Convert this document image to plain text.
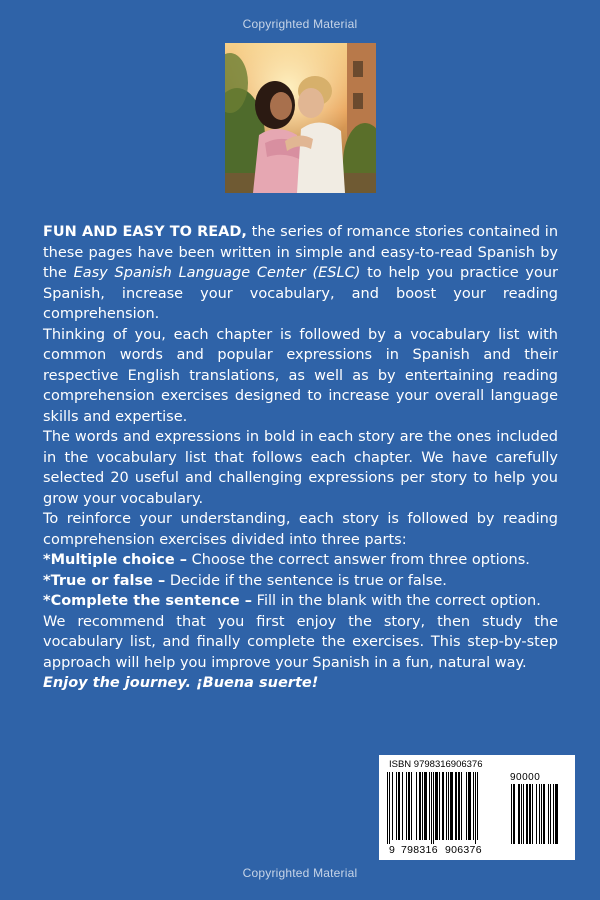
Copyrighted Material

FUN AND EASY TO READ, the series of romance stories contained in these pages have been written in simple and easy-to-read Spanish by the Easy Spanish Language Center (ESLC) to help you practice your Spanish, increase your vocabulary, and boost your reading comprehension.

Thinking of you, each chapter is followed by a vocabulary list with common words and popular expressions in Spanish and their respective English translations, as well as by entertaining reading comprehension exercises designed to increase your overall language skills and expertise.

The words and expressions in bold in each story are the ones included in the vocabulary list that follows each chapter. We have carefully selected 20 useful and challenging expressions per story to help you grow your vocabulary.

To reinforce your understanding, each story is followed by reading comprehension exercises divided into three parts:

*Multiple choice – Choose the correct answer from three options.

*True or false – Decide if the sentence is true or false.

*Complete the sentence – Fill in the blank with the correct option.

We recommend that you first enjoy the story, then study the vocabulary list, and finally complete the exercises. This step-by-step approach will help you improve your Spanish in a fun, natural way.

Enjoy the journey. ¡Buena suerte!

ISBN 9798316906376
90000
9 798316 906376
Copyrighted Material
